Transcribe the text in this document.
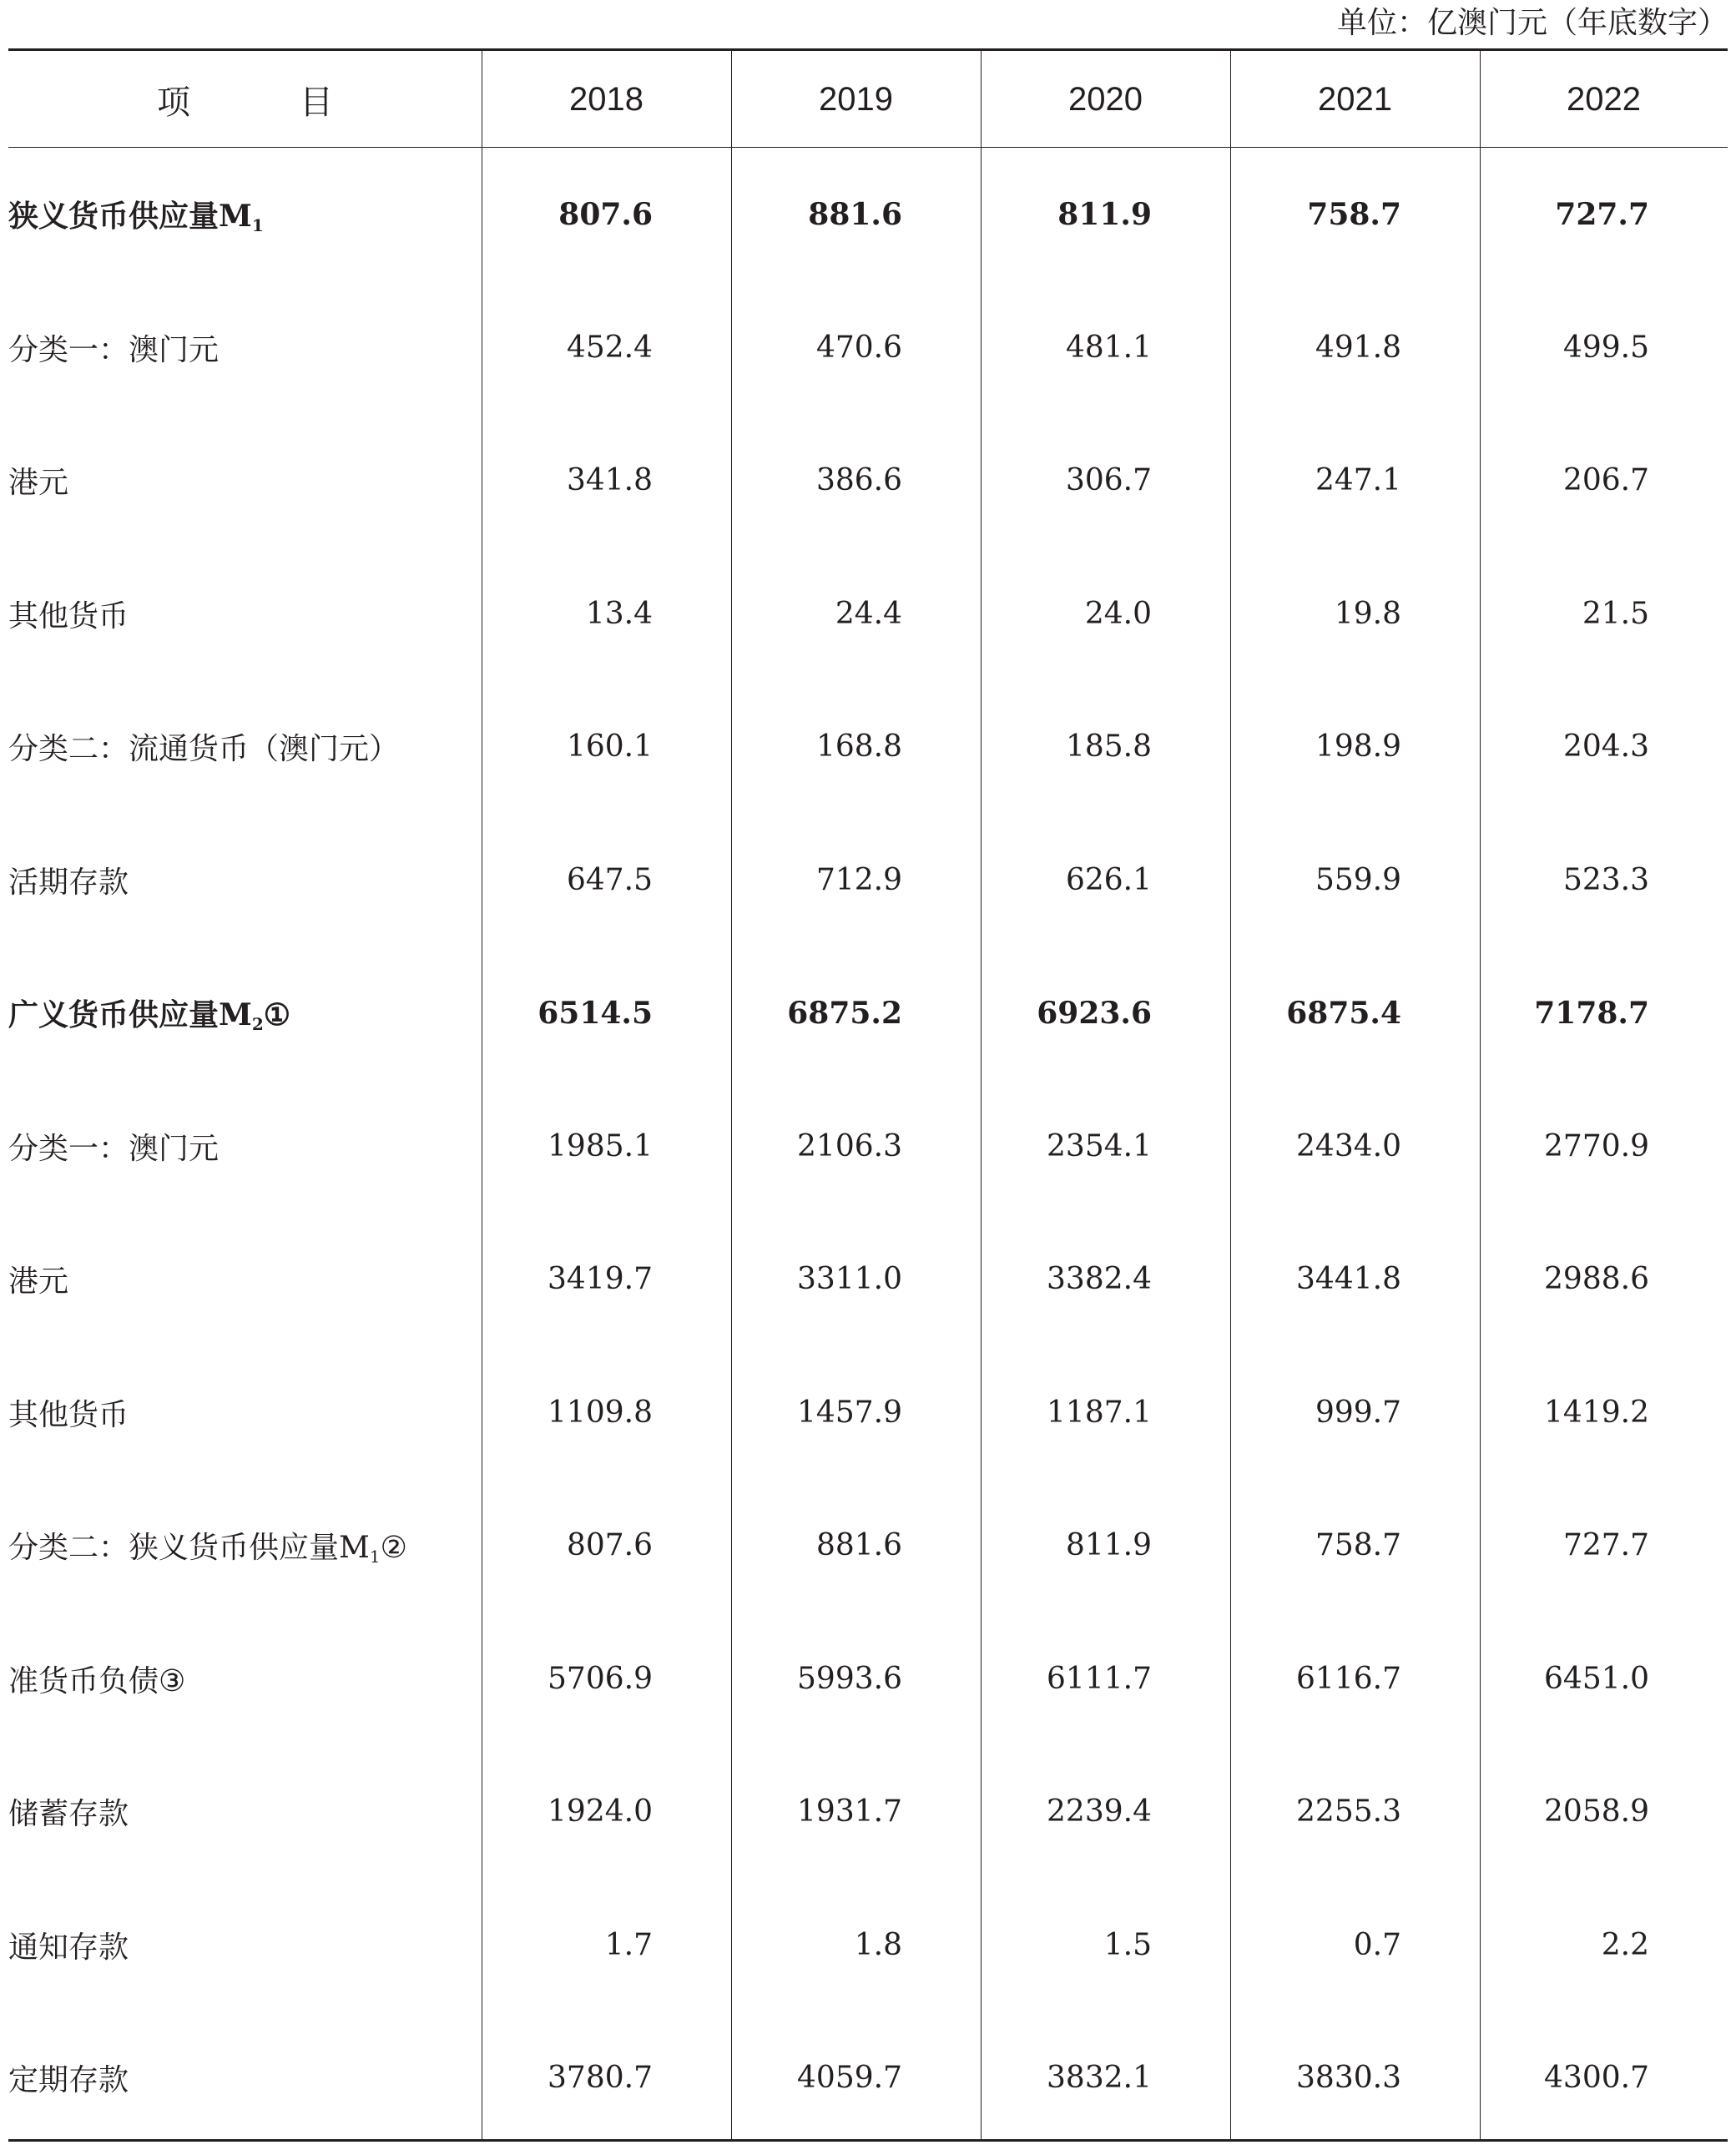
单位：亿澳门元（年底数字）
项 目	2018	2019	2020	2021	2022
狭义货币供应量$M_1$	807.6	881.6	811.9	758.7	727.7
分类一：澳门元	452.4	470.6	481.1	491.8	499.5
港元	341.8	386.6	306.7	247.1	206.7
其他货币	13.4	24.4	24.0	19.8	21.5
分类二：流通货币（澳门元）	160.1	168.8	185.8	198.9	204.3
活期存款	647.5	712.9	626.1	559.9	523.3
广义货币供应量$M_2①$	6514.5	6875.2	6923.6	6875.4	7178.7
分类一：澳门元	1985.1	2106.3	2354.1	2434.0	2770.9
港元	3419.7	3311.0	3382.4	3441.8	2988.6
其他货币	1109.8	1457.9	1187.1	999.7	1419.2
分类二：狭义货币供应量$M_1②$	807.6	881.6	811.9	758.7	727.7
准货币负债③	5706.9	5993.6	6111.7	6116.7	6451.0
储蓄存款	1924.0	1931.7	2239.4	2255.3	2058.9
通知存款	1.7	1.8	1.5	0.7	2.2
定期存款	3780.7	4059.7	3832.1	3830.3	4300.7
